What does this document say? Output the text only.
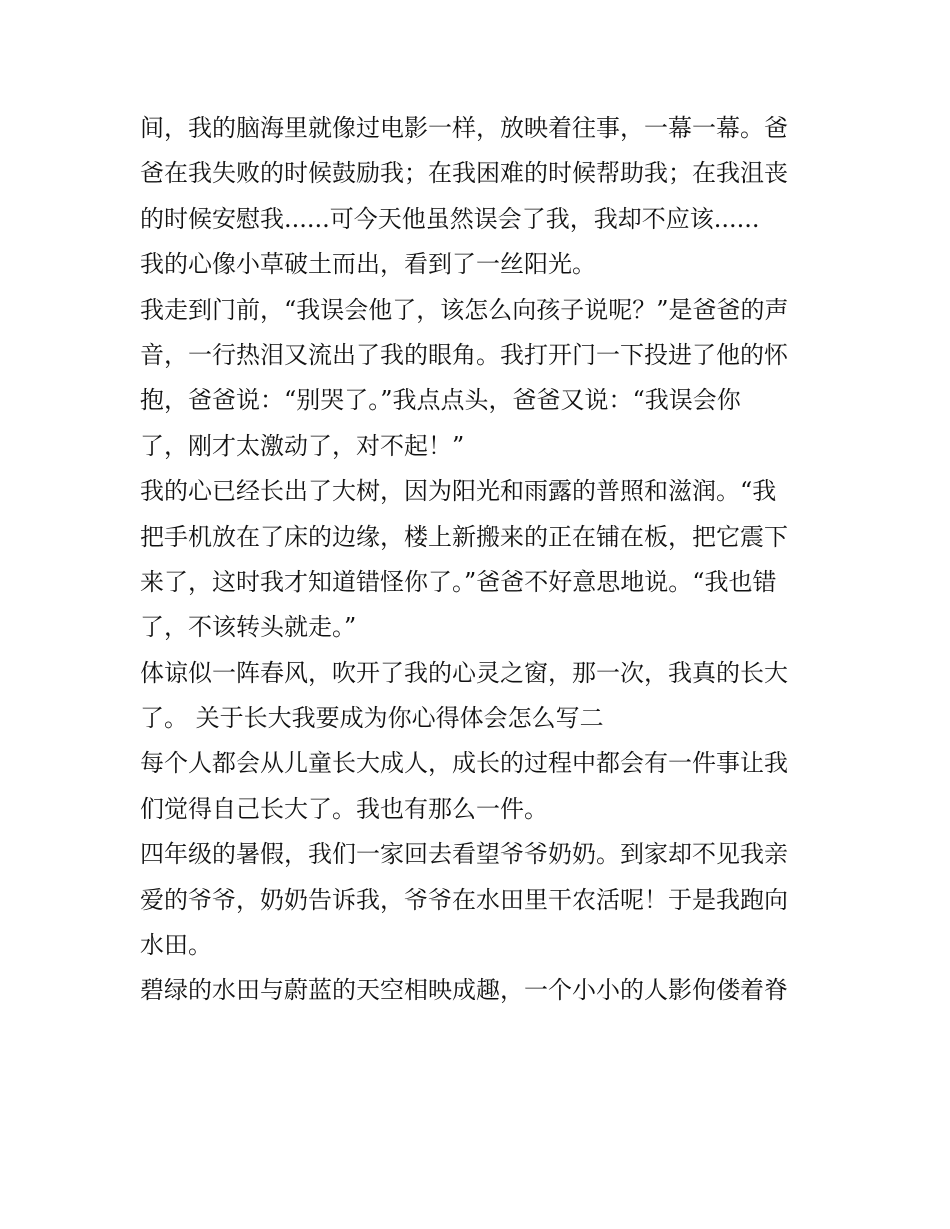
间，我的脑海里就像过电影一样，放映着往事，一幕一幕。爸
爸在我失败的时候鼓励我；在我困难的时候帮助我；在我沮丧
的时候安慰我......可今天他虽然误会了我，我却不应该......
我的心像小草破土而出，看到了一丝阳光。
我走到门前，“我误会他了，该怎么向孩子说呢？”是爸爸的声
音，一行热泪又流出了我的眼角。我打开门一下投进了他的怀
抱，爸爸说：“别哭了。”我点点头，爸爸又说：“我误会你
了，刚才太激动了，对不起！”
我的心已经长出了大树，因为阳光和雨露的普照和滋润。“我
把手机放在了床的边缘，楼上新搬来的正在铺在板，把它震下
来了，这时我才知道错怪你了。”爸爸不好意思地说。“我也错
了，不该转头就走。”
体谅似一阵春风，吹开了我的心灵之窗，那一次，我真的长大
了。 关于长大我要成为你心得体会怎么写二
每个人都会从儿童长大成人，成长的过程中都会有一件事让我
们觉得自己长大了。我也有那么一件。
四年级的暑假，我们一家回去看望爷爷奶奶。到家却不见我亲
爱的爷爷，奶奶告诉我，爷爷在水田里干农活呢！于是我跑向
水田。
碧绿的水田与蔚蓝的天空相映成趣，一个小小的人影佝偻着脊
